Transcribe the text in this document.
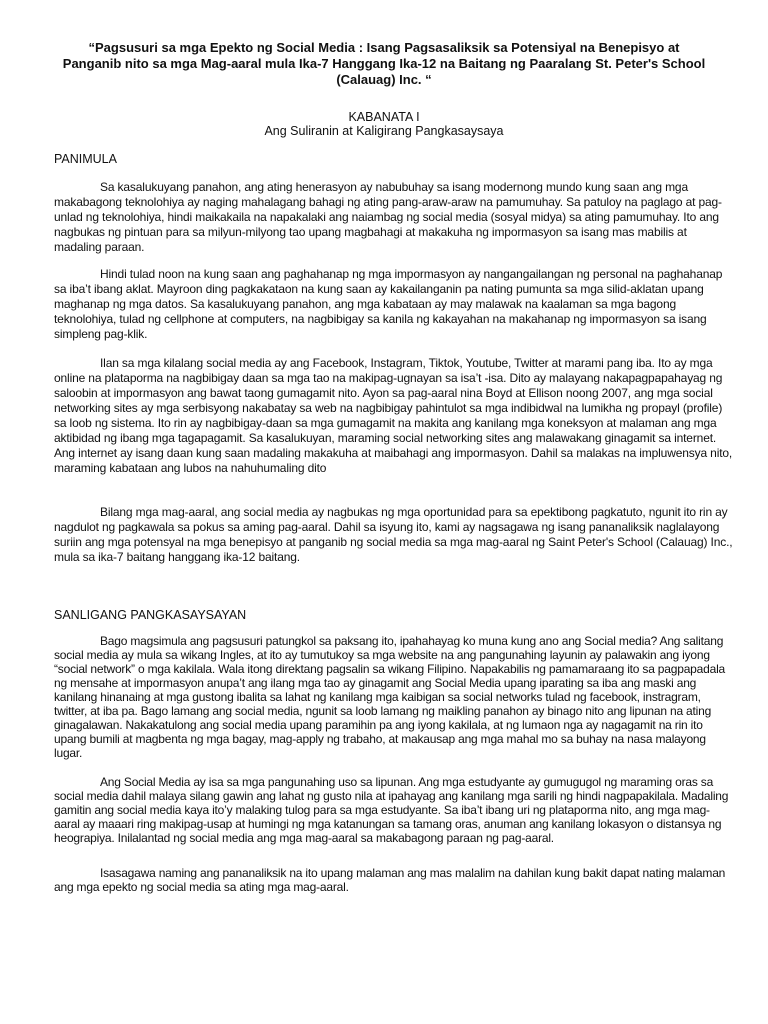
“Pagsusuri sa mga Epekto ng Social Media : Isang Pagsasaliksik sa Potensiyal na Benepisyo at Panganib nito sa mga Mag-aaral mula Ika-7 Hanggang Ika-12 na Baitang ng Paaralang St. Peter's School (Calauag) Inc. “
KABANATA I
Ang Suliranin at Kaligirang Pangkasaysaya
PANIMULA

Sa kasalukuyang panahon, ang ating henerasyon ay nabubuhay sa isang modernong mundo kung saan ang mga makabagong teknolohiya ay naging mahalagang bahagi ng ating pang-araw-araw na pamumuhay. Sa patuloy na paglago at pag-unlad ng teknolohiya, hindi maikakaila na napakalaki ang naiambag ng social media (sosyal midya) sa ating pamumuhay. Ito ang nagbukas ng pintuan para sa milyun-milyong tao upang magbahagi at makakuha ng impormasyon sa isang mas mabilis at madaling paraan.

Hindi tulad noon na kung saan ang paghahanap ng mga impormasyon ay nangangailangan ng personal na paghahanap sa iba’t ibang aklat. Mayroon ding pagkakataon na kung saan ay kakailanganin pa nating pumunta sa mga silid-aklatan upang maghanap ng mga datos. Sa kasalukuyang panahon, ang mga kabataan ay may malawak na kaalaman sa mga bagong teknolohiya, tulad ng cellphone at computers, na nagbibigay sa kanila ng kakayahan na makahanap ng impormasyon sa isang simpleng pag-klik.

Ilan sa mga kilalang social media ay ang Facebook, Instagram, Tiktok, Youtube, Twitter at marami pang iba. Ito ay mga online na plataporma na nagbibigay daan sa mga tao na makipag-ugnayan sa isa’t -isa. Dito ay malayang nakapagpapahayag ng saloobin at impormasyon ang bawat taong gumagamit nito. Ayon sa pag-aaral nina Boyd at Ellison noong 2007, ang mga social networking sites ay mga serbisyong nakabatay sa web na nagbibigay pahintulot sa mga indibidwal na lumikha ng propayl (profile) sa loob ng sistema. Ito rin ay nagbibigay-daan sa mga gumagamit na makita ang kanilang mga koneksyon at malaman ang mga aktibidad ng ibang mga tagapagamit. Sa kasalukuyan, maraming social networking sites ang malawakang ginagamit sa internet. Ang internet ay isang daan kung saan madaling makakuha at maibahagi ang impormasyon. Dahil sa malakas na impluwensya nito, maraming kabataan ang lubos na nahuhumaling dito

Bilang mga mag-aaral, ang social media ay nagbukas ng mga oportunidad para sa epektibong pagkatuto, ngunit ito rin ay nagdulot ng pagkawala sa pokus sa aming pag-aaral. Dahil sa isyung ito, kami ay nagsagawa ng isang pananaliksik naglalayong suriin ang mga potensyal na mga benepisyo at panganib ng social media sa mga mag-aaral ng Saint Peter's School (Calauag) Inc., mula sa ika-7 baitang hanggang ika-12 baitang.

SANLIGANG PANGKASAYSAYAN

Bago magsimula ang pagsusuri patungkol sa paksang ito, ipahahayag ko muna kung ano ang Social media? Ang salitang social media ay mula sa wikang Ingles, at ito ay tumutukoy sa mga website na ang pangunahing layunin ay palawakin ang iyong “social network” o mga kakilala. Wala itong direktang pagsalin sa wikang Filipino. Napakabilis ng pamamaraang ito sa pagpapadala ng mensahe at impormasyon anupa’t ang ilang mga tao ay ginagamit ang Social Media upang iparating sa iba ang maski ang kanilang hinanaing at mga gustong ibalita sa lahat ng kanilang mga kaibigan sa social networks tulad ng facebook, instragram, twitter, at iba pa. Bago lamang ang social media, ngunit sa loob lamang ng maikling panahon ay binago nito ang lipunan na ating ginagalawan. Nakakatulong ang social media upang paramihin pa ang iyong kakilala, at ng lumaon nga ay nagagamit na rin ito upang bumili at magbenta ng mga bagay, mag-apply ng trabaho, at makausap ang mga mahal mo sa buhay na nasa malayong lugar.

Ang Social Media ay isa sa mga pangunahing uso sa lipunan. Ang mga estudyante ay gumugugol ng maraming oras sa social media dahil malaya silang gawin ang lahat ng gusto nila at ipahayag ang kanilang mga sarili ng hindi nagpapakilala. Madaling gamitin ang social media kaya ito’y malaking tulog para sa mga estudyante. Sa iba’t ibang uri ng plataporma nito, ang mga mag-aaral ay maaari ring makipag-usap at humingi ng mga katanungan sa tamang oras, anuman ang kanilang lokasyon o distansya ng heograpiya. Inilalantad ng social media ang mga mag-aaral sa makabagong paraan ng pag-aaral.

Isasagawa naming ang pananaliksik na ito upang malaman ang mas malalim na dahilan kung bakit dapat nating malaman ang mga epekto ng social media sa ating mga mag-aaral.
